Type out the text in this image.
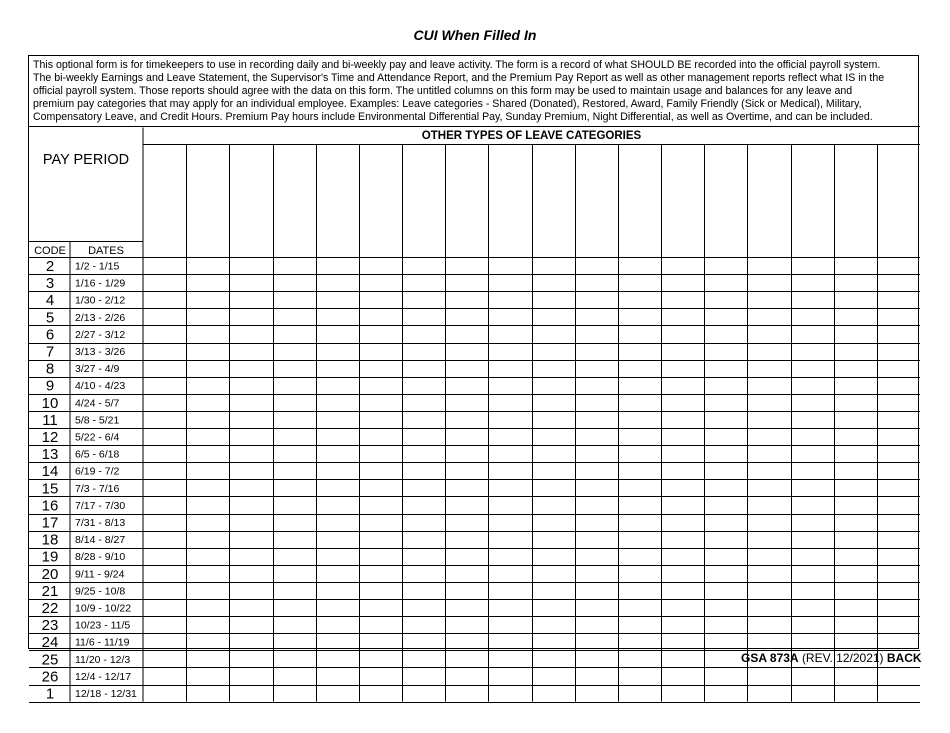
CUI When Filled In
This optional form is for timekeepers to use in recording daily and bi-weekly pay and leave activity. The form is a record of what SHOULD BE recorded into the official payroll system.
The bi-weekly Earnings and Leave Statement, the Supervisor's Time and Attendance Report, and the Premium Pay Report as well as other management reports reflect what IS in the
official payroll system. Those reports should agree with the data on this form. The untitled columns on this form may be used to maintain usage and balances for any leave and
premium pay categories that may apply for an individual employee. Examples: Leave categories - Shared (Donated), Restored, Award, Family Friendly (Sick or Medical), Military,
Compensatory Leave, and Credit Hours. Premium Pay hours include Environmental Differential Pay, Sunday Premium, Night Differential, as well as Overtime, and can be included.
OTHER TYPES OF LEAVE CATEGORIES
PAY PERIOD
CODE DATES
2 1/2 - 1/15
3 1/16 - 1/29
4 1/30 - 2/12
5 2/13 - 2/26
6 2/27 - 3/12
7 3/13 - 3/26
8 3/27 - 4/9
9 4/10 - 4/23
10 4/24 - 5/7
11 5/8 - 5/21
12 5/22 - 6/4
13 6/5 - 6/18
14 6/19 - 7/2
15 7/3 - 7/16
16 7/17 - 7/30
17 7/31 - 8/13
18 8/14 - 8/27
19 8/28 - 9/10
20 9/11 - 9/24
21 9/25 - 10/8
22 10/9 - 10/22
23 10/23 - 11/5
24 11/6 - 11/19
25 11/20 - 12/3
26 12/4 - 12/17
1 12/18 - 12/31
GSA 873A (REV. 12/2021) BACK
